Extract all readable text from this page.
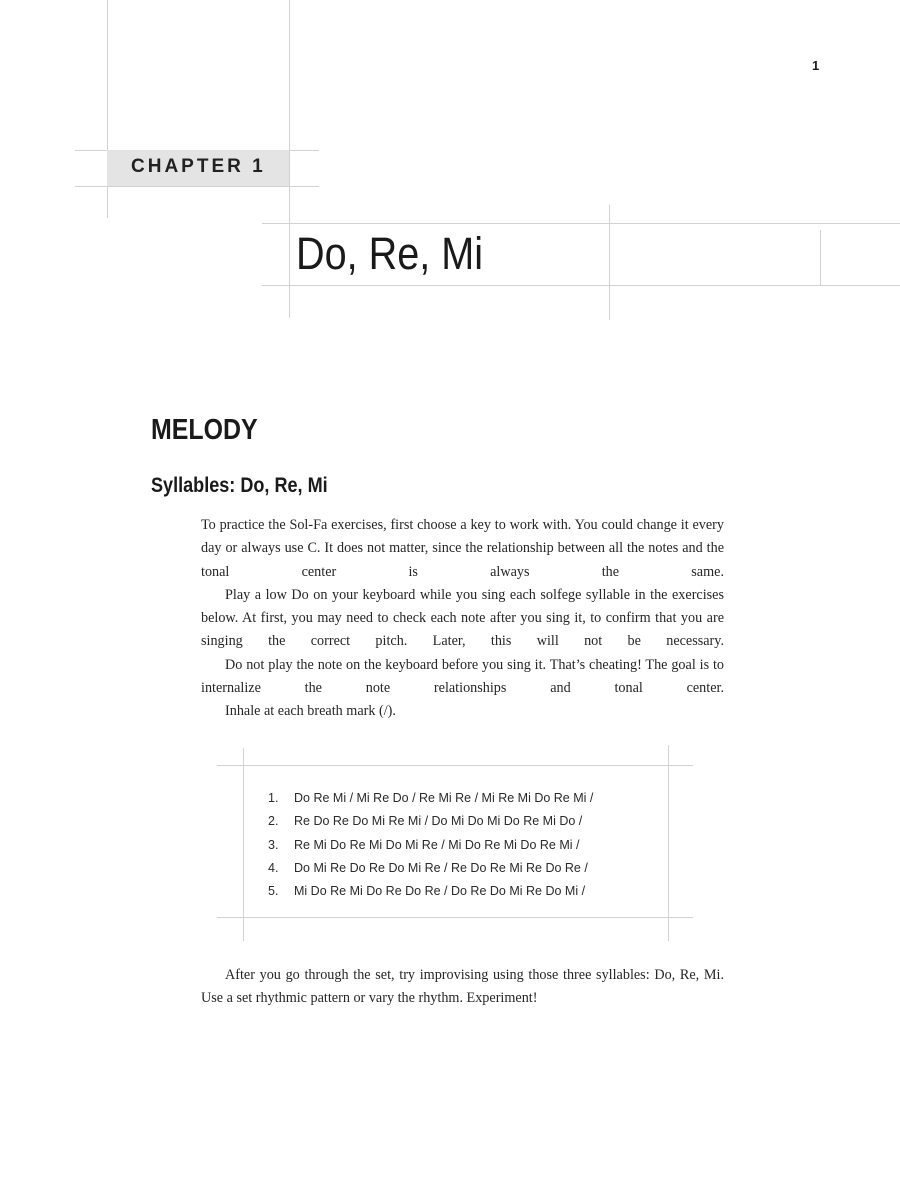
1
CHAPTER 1
Do, Re, Mi
MELODY
Syllables: Do, Re, Mi

To practice the Sol-Fa exercises, first choose a key to work with. You could change it every day or always use C. It does not matter, since the relationship between all the notes and the tonal center is always the same.

Play a low Do on your keyboard while you sing each solfege syllable in the exercises below. At first, you may need to check each note after you sing it, to confirm that you are singing the correct pitch. Later, this will not be necessary.

Do not play the note on the keyboard before you sing it. That’s cheating! The goal is to internalize the note relationships and tonal center.

Inhale at each breath mark (/).

1. Do Re Mi / Mi Re Do / Re Mi Re / Mi Re Mi Do Re Mi /
2. Re Do Re Do Mi Re Mi / Do Mi Do Mi Do Re Mi Do /
3. Re Mi Do Re Mi Do Mi Re / Mi Do Re Mi Do Re Mi /
4. Do Mi Re Do Re Do Mi Re / Re Do Re Mi Re Do Re /
5. Mi Do Re Mi Do Re Do Re / Do Re Do Mi Re Do Mi /

After you go through the set, try improvising using those three syllables: Do, Re, Mi. Use a set rhythmic pattern or vary the rhythm. Experiment!
